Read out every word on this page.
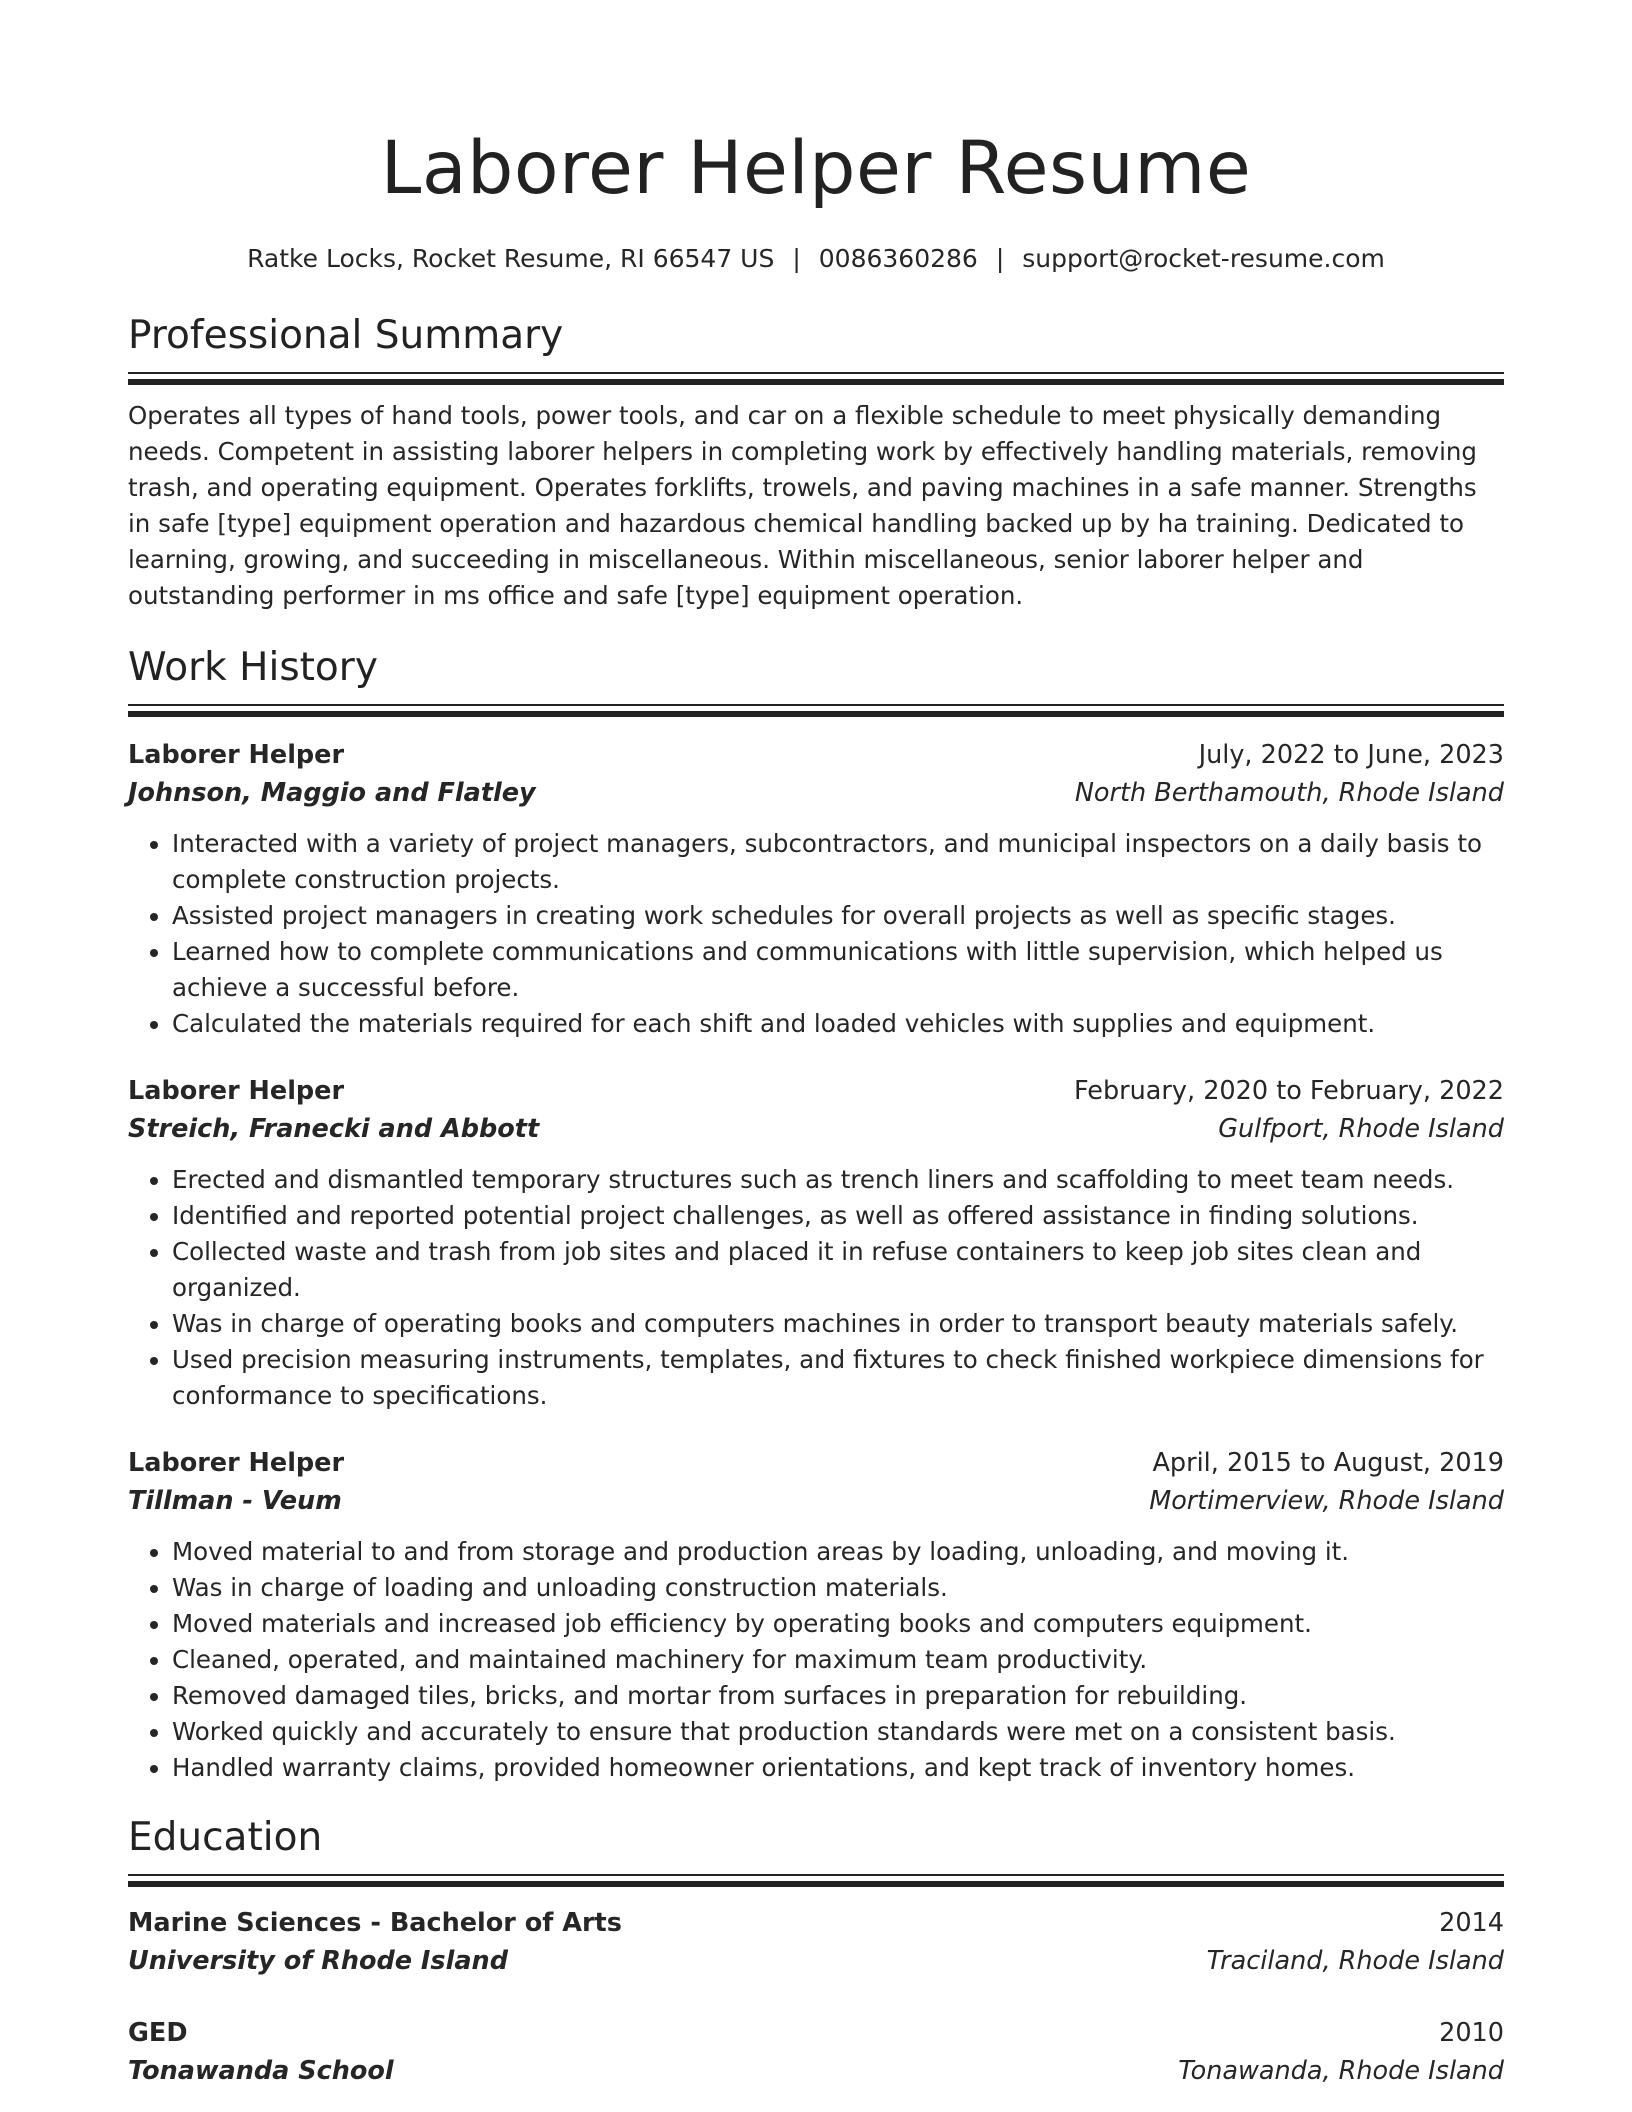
Laborer Helper Resume
Ratke Locks, Rocket Resume, RI 66547 US | 0086360286 | support@rocket-resume.com
Professional Summary

Operates all types of hand tools, power tools, and car on a flexible schedule to meet physically demanding needs. Competent in assisting laborer helpers in completing work by effectively handling materials, removing trash, and operating equipment. Operates forklifts, trowels, and paving machines in a safe manner. Strengths in safe [type] equipment operation and hazardous chemical handling backed up by ha training. Dedicated to learning, growing, and succeeding in miscellaneous. Within miscellaneous, senior laborer helper and outstanding performer in ms office and safe [type] equipment operation.

Work History
Laborer Helper	July, 2022 to June, 2023
Johnson, Maggio and Flatley	North Berthamouth, Rhode Island
• Interacted with a variety of project managers, subcontractors, and municipal inspectors on a daily basis to complete construction projects.
• Assisted project managers in creating work schedules for overall projects as well as specific stages.
• Learned how to complete communications and communications with little supervision, which helped us achieve a successful before.
• Calculated the materials required for each shift and loaded vehicles with supplies and equipment.
Laborer Helper	February, 2020 to February, 2022
Streich, Franecki and Abbott	Gulfport, Rhode Island
• Erected and dismantled temporary structures such as trench liners and scaffolding to meet team needs.
• Identified and reported potential project challenges, as well as offered assistance in finding solutions.
• Collected waste and trash from job sites and placed it in refuse containers to keep job sites clean and organized.
• Was in charge of operating books and computers machines in order to transport beauty materials safely.
• Used precision measuring instruments, templates, and fixtures to check finished workpiece dimensions for conformance to specifications.
Laborer Helper	April, 2015 to August, 2019
Tillman - Veum	Mortimerview, Rhode Island
• Moved material to and from storage and production areas by loading, unloading, and moving it.
• Was in charge of loading and unloading construction materials.
• Moved materials and increased job efficiency by operating books and computers equipment.
• Cleaned, operated, and maintained machinery for maximum team productivity.
• Removed damaged tiles, bricks, and mortar from surfaces in preparation for rebuilding.
• Worked quickly and accurately to ensure that production standards were met on a consistent basis.
• Handled warranty claims, provided homeowner orientations, and kept track of inventory homes.
Education
Marine Sciences - Bachelor of Arts	2014
University of Rhode Island	Traciland, Rhode Island
GED	2010
Tonawanda School	Tonawanda, Rhode Island
